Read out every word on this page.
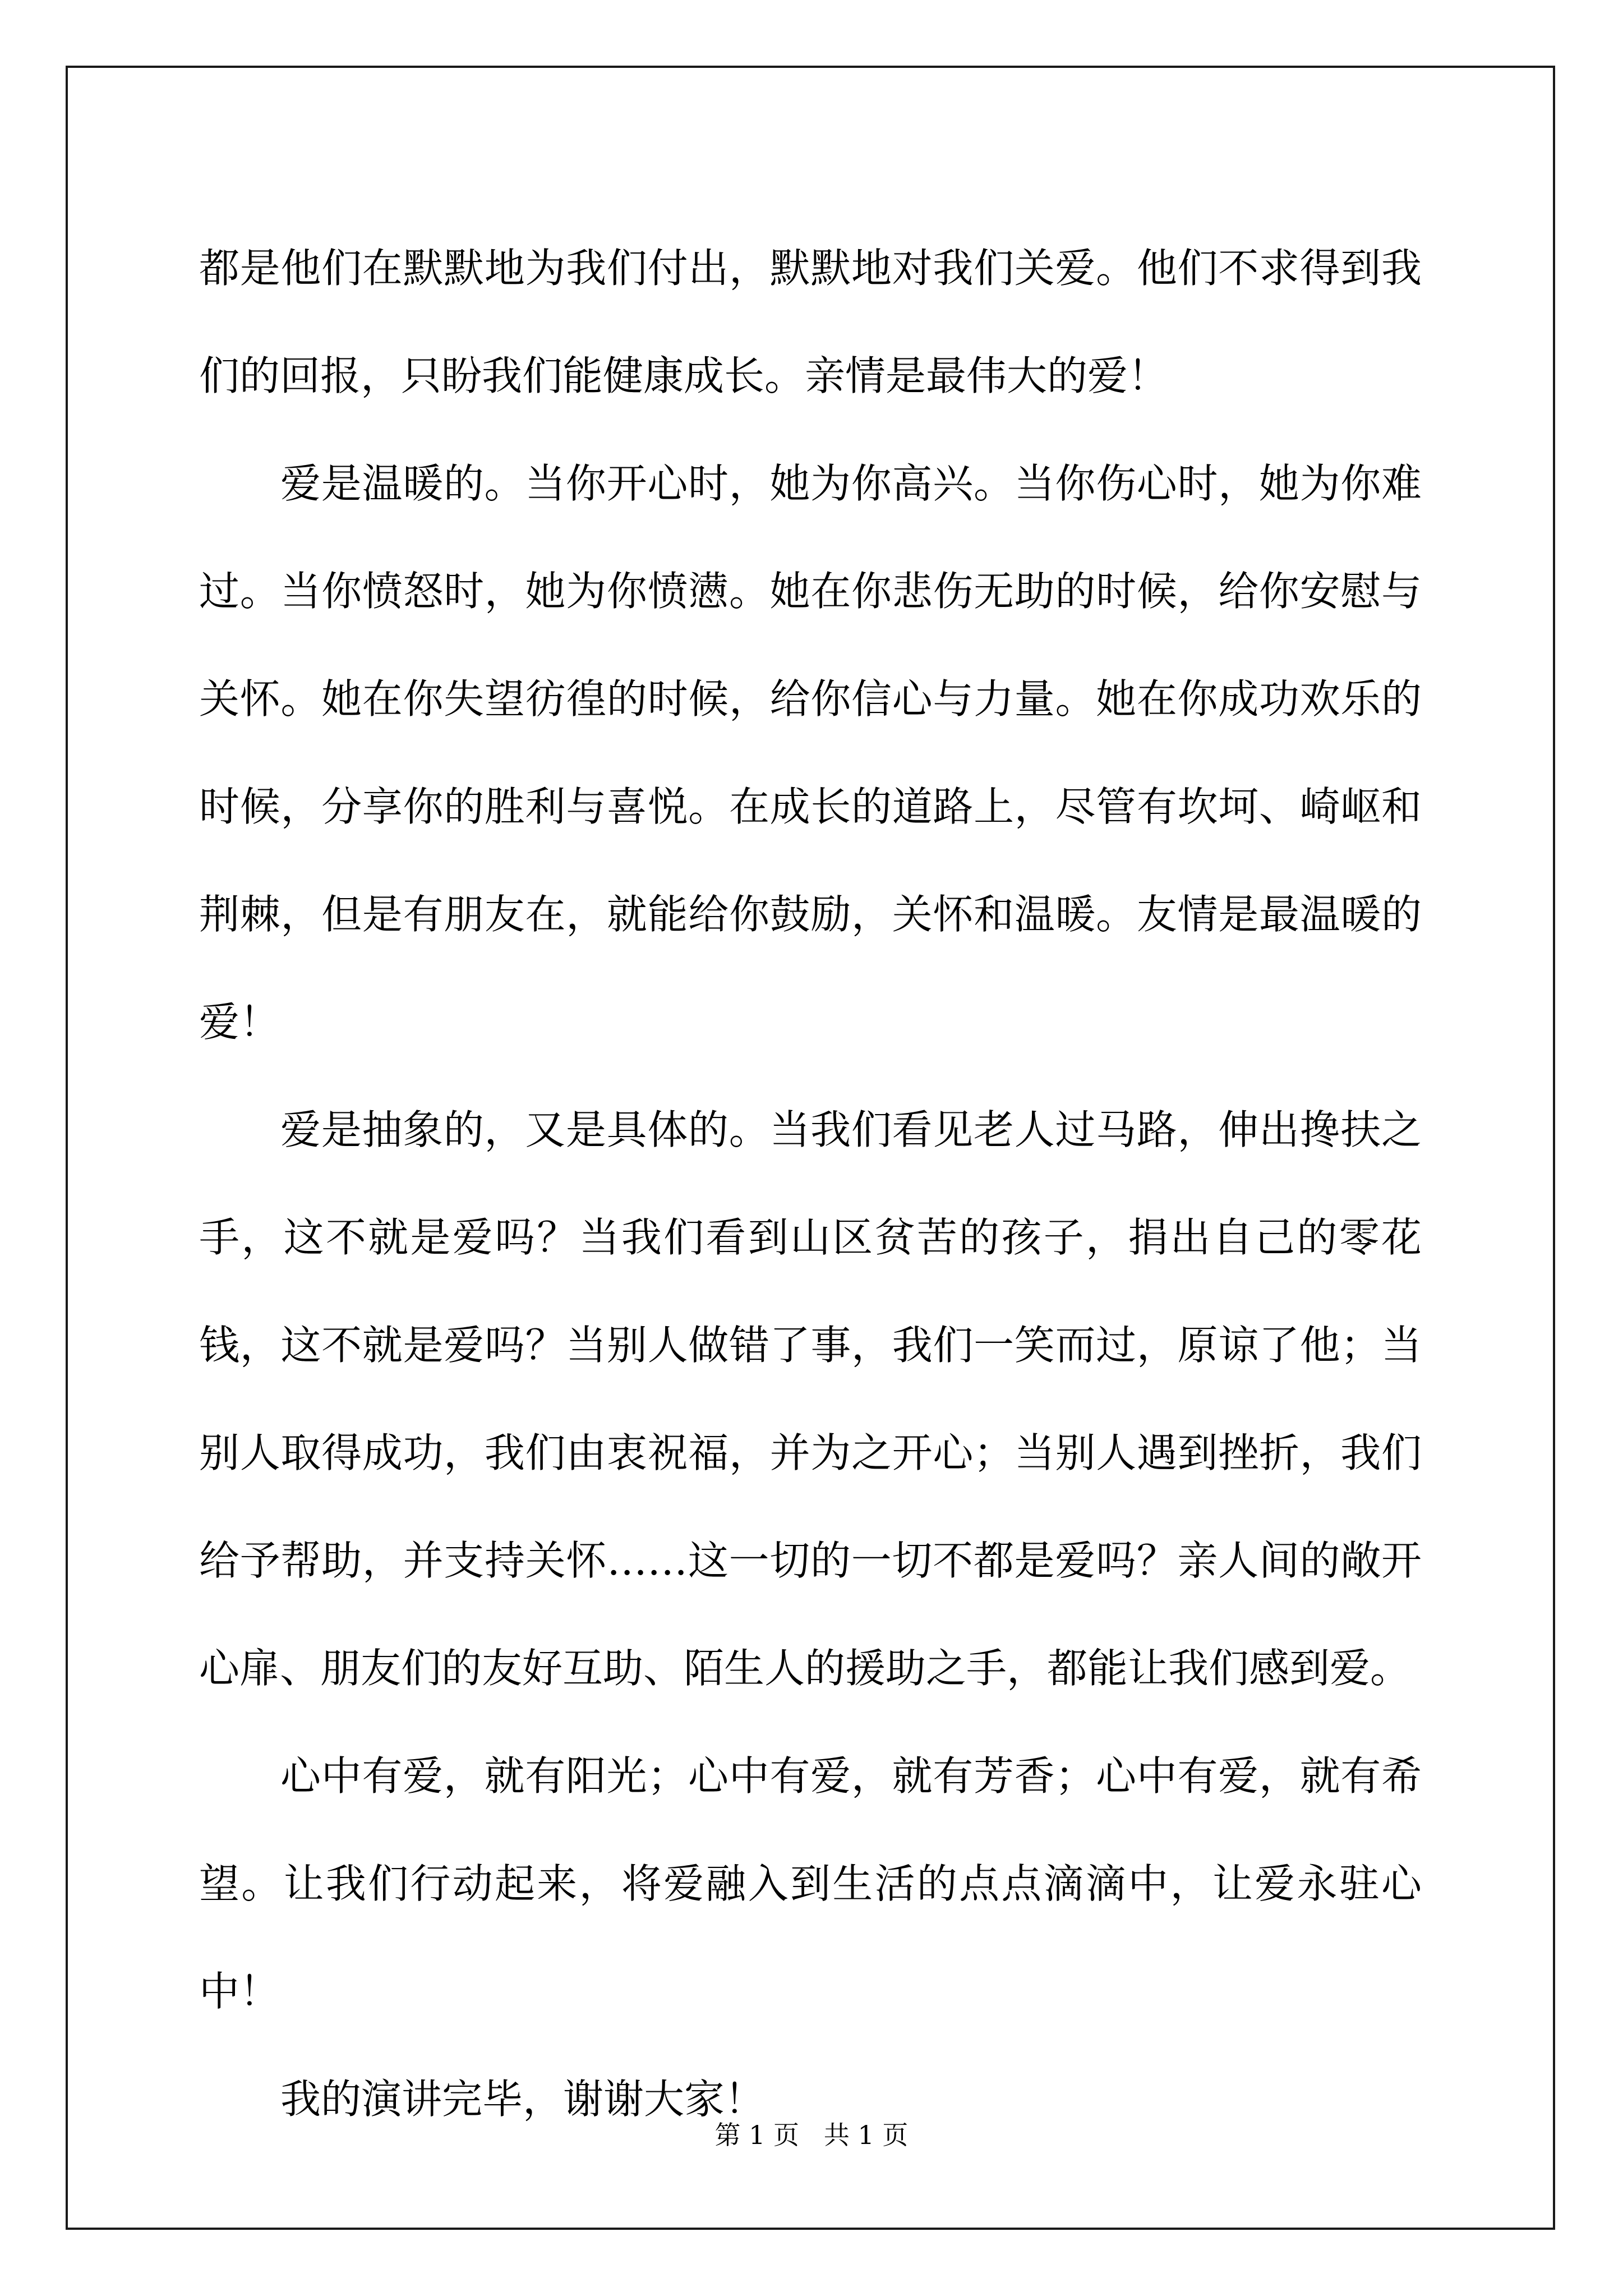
都是他们在默默地为我们付出，默默地对我们关爱。他们不求得到我们的回报，只盼我们能健康成长。亲情是最伟大的爱！

爱是温暖的。当你开心时，她为你高兴。当你伤心时，她为你难过。当你愤怒时，她为你愤懑。她在你悲伤无助的时候，给你安慰与关怀。她在你失望彷徨的时候，给你信心与力量。她在你成功欢乐的时候，分享你的胜利与喜悦。在成长的道路上，尽管有坎坷、崎岖和荆棘，但是有朋友在，就能给你鼓励，关怀和温暖。友情是最温暖的爱！

爱是抽象的，又是具体的。当我们看见老人过马路，伸出搀扶之手，这不就是爱吗？当我们看到山区贫苦的孩子，捐出自己的零花钱，这不就是爱吗？当别人做错了事，我们一笑而过，原谅了他；当别人取得成功，我们由衷祝福，并为之开心；当别人遇到挫折，我们给予帮助，并支持关怀……这一切的一切不都是爱吗？亲人间的敞开心扉、朋友们的友好互助、陌生人的援助之手，都能让我们感到爱。

心中有爱，就有阳光；心中有爱，就有芳香；心中有爱，就有希望。让我们行动起来，将爱融入到生活的点点滴滴中，让爱永驻心中！

我的演讲完毕，谢谢大家！

第 1 页   共 1 页
